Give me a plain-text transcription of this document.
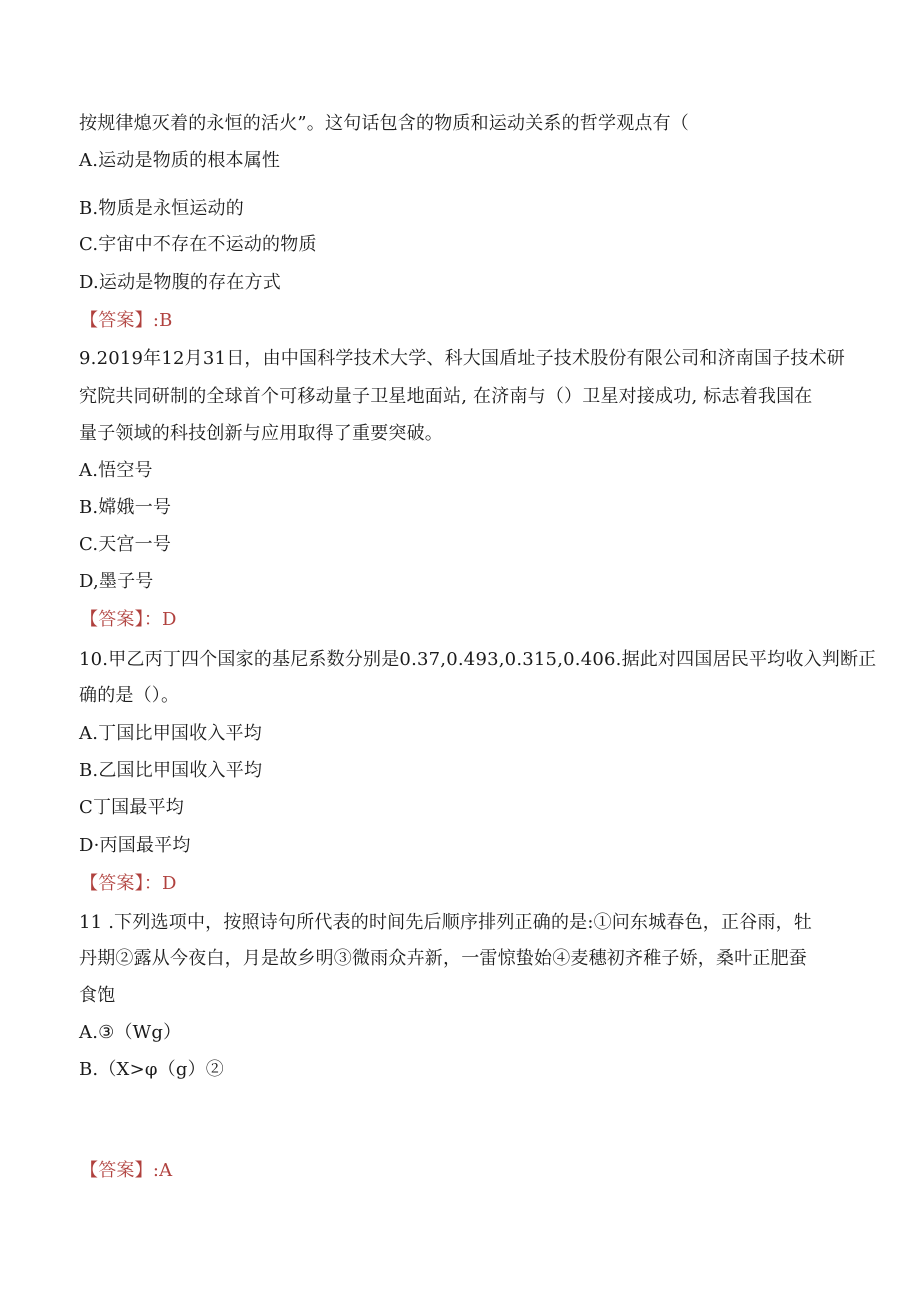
按规律熄灭着的永恒的活火”。这句话包含的物质和运动关系的哲学观点有（
A.运动是物质的根本属性
B.物质是永恒运动的
C.宇宙中不存在不运动的物质
D.运动是物腹的存在方式
【答案】:B
9.2019年12月31日，由中国科学技术大学、科大国盾址子技术股份有限公司和济南国子技术研
究院共同研制的全球首个可移动量子卫星地面站, 在济南与（）卫星对接成功, 标志着我国在
量子领域的科技创新与应用取得了重要突破。
A.悟空号
B.嫦娥一号
C.天宫一号
D,墨子号
【答案】：D
10.甲乙丙丁四个国家的基尼系数分别是0.37,0.493,0.315,0.406.据此对四国居民平均收入判断正
确的是（）。
A.丁国比甲国收入平均
B.乙国比甲国收入平均
C丁国最平均
D·丙国最平均
【答案】：D
11 .下列选项中，按照诗句所代表的时间先后顺序排列正确的是:①问东城春色，正谷雨，牡
丹期②露从今夜白，月是故乡明③微雨众卉新，一雷惊蛰始④麦穗初齐稚子娇，桑叶正肥蚕
食饱
A.③（Wg）
B.（X>φ（g）②
【答案】:A
